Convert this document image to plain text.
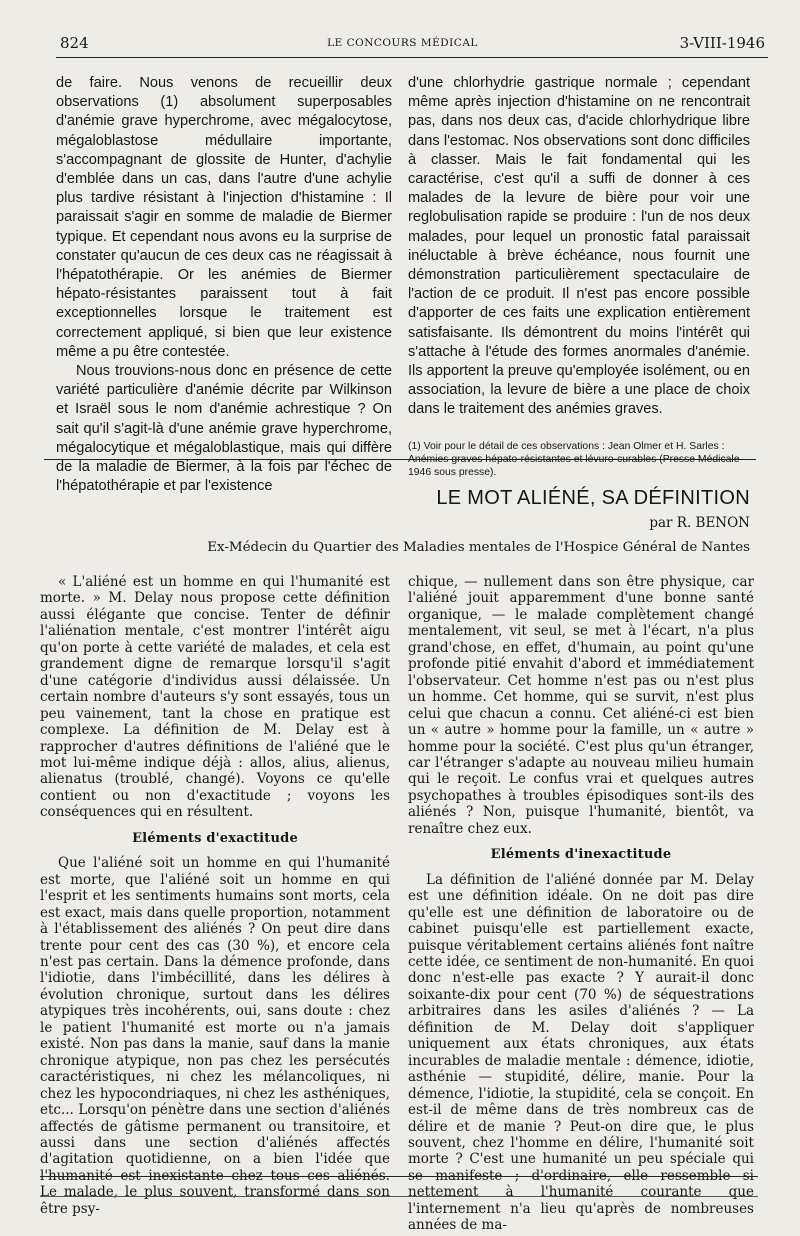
824	LE CONCOURS MÉDICAL	3-VIII-1946

de faire. Nous venons de recueillir deux observations (1) absolument superposables d'anémie grave hyperchrome, avec mégalocytose, mégaloblastose médullaire importante, s'accompagnant de glossite de Hunter, d'achylie d'emblée dans un cas, dans l'autre d'une achylie plus tardive résistant à l'injection d'histamine : Il paraissait s'agir en somme de maladie de Biermer typique. Et cependant nous avons eu la surprise de constater qu'aucun de ces deux cas ne réagissait à l'hépatothérapie. Or les anémies de Biermer hépato-résistantes paraissent tout à fait exceptionnelles lorsque le traitement est correctement appliqué, si bien que leur existence même a pu être contestée.

Nous trouvions-nous donc en présence de cette variété particulière d'anémie décrite par Wilkinson et Israël sous le nom d'anémie achrestique ? On sait qu'il s'agit-là d'une anémie grave hyperchrome, mégalocytique et mégaloblastique, mais qui diffère de la maladie de Biermer, à la fois par l'échec de l'hépatothérapie et par l'existence

d'une chlorhydrie gastrique normale ; cependant même après injection d'histamine on ne rencontrait pas, dans nos deux cas, d'acide chlorhydrique libre dans l'estomac. Nos observations sont donc difficiles à classer. Mais le fait fondamental qui les caractérise, c'est qu'il a suffi de donner à ces malades de la levure de bière pour voir une reglobulisation rapide se produire : l'un de nos deux malades, pour lequel un pronostic fatal paraissait inéluctable à brève échéance, nous fournit une démonstration particulièrement spectaculaire de l'action de ce produit. Il n'est pas encore possible d'apporter de ces faits une explication entièrement satisfaisante. Ils démontrent du moins l'intérêt qui s'attache à l'étude des formes anormales d'anémie. Ils apportent la preuve qu'employée isolément, ou en association, la levure de bière a une place de choix dans le traitement des anémies graves.

(1) Voir pour le détail de ces observations : Jean Olmer et H. Sarles : Anémies graves hépato-résistantes et lévuro-curables (Presse Médicale 1946 sous presse).

LE MOT ALIÉNÉ, SA DÉFINITION
par R. BENON
Ex-Médecin du Quartier des Maladies mentales de l'Hospice Général de Nantes

« L'aliéné est un homme en qui l'humanité est morte. » M. Delay nous propose cette définition aussi élégante que concise. Tenter de définir l'aliénation mentale, c'est montrer l'intérêt aigu qu'on porte à cette variété de malades, et cela est grandement digne de remarque lorsqu'il s'agit d'une catégorie d'individus aussi délaissée. Un certain nombre d'auteurs s'y sont essayés, tous un peu vainement, tant la chose en pratique est complexe. La définition de M. Delay est à rapprocher d'autres définitions de l'aliéné que le mot lui-même indique déjà : allos, alius, alienus, alienatus (troublé, changé). Voyons ce qu'elle contient ou non d'exactitude ; voyons les conséquences qui en résultent.

Eléments d'exactitude

Que l'aliéné soit un homme en qui l'humanité est morte, que l'aliéné soit un homme en qui l'esprit et les sentiments humains sont morts, cela est exact, mais dans quelle proportion, notamment à l'établissement des aliénés ? On peut dire dans trente pour cent des cas (30 %), et encore cela n'est pas certain. Dans la démence profonde, dans l'idiotie, dans l'imbécillité, dans les délires à évolution chronique, surtout dans les délires atypiques très incohérents, oui, sans doute : chez le patient l'humanité est morte ou n'a jamais existé. Non pas dans la manie, sauf dans la manie chronique atypique, non pas chez les persécutés caractéristiques, ni chez les mélancoliques, ni chez les hypocondriaques, ni chez les asthéniques, etc... Lorsqu'on pénètre dans une section d'aliénés affectés de gâtisme permanent ou transitoire, et aussi dans une section d'aliénés affectés d'agitation quotidienne, on a bien l'idée que l'humanité est inexistante chez tous ces aliénés. Le malade, le plus souvent, transformé dans son être psy-

chique, — nullement dans son être physique, car l'aliéné jouit apparemment d'une bonne santé organique, — le malade complètement changé mentalement, vit seul, se met à l'écart, n'a plus grand'chose, en effet, d'humain, au point qu'une profonde pitié envahit d'abord et immédiatement l'observateur. Cet homme n'est pas ou n'est plus un homme. Cet homme, qui se survit, n'est plus celui que chacun a connu. Cet aliéné-ci est bien un « autre » homme pour la famille, un « autre » homme pour la société. C'est plus qu'un étranger, car l'étranger s'adapte au nouveau milieu humain qui le reçoit. Le confus vrai et quelques autres psychopathes à troubles épisodiques sont-ils des aliénés ? Non, puisque l'humanité, bientôt, va renaître chez eux.

Eléments d'inexactitude

La définition de l'aliéné donnée par M. Delay est une définition idéale. On ne doit pas dire qu'elle est une définition de laboratoire ou de cabinet puisqu'elle est partiellement exacte, puisque véritablement certains aliénés font naître cette idée, ce sentiment de non-humanité. En quoi donc n'est-elle pas exacte ? Y aurait-il donc soixante-dix pour cent (70 %) de séquestrations arbitraires dans les asiles d'aliénés ? — La définition de M. Delay doit s'appliquer uniquement aux états chroniques, aux états incurables de maladie mentale : démence, idiotie, asthénie — stupidité, délire, manie. Pour la démence, l'idiotie, la stupidité, cela se conçoit. En est-il de même dans de très nombreux cas de délire et de manie ? Peut-on dire que, le plus souvent, chez l'homme en délire, l'humanité soit morte ? C'est une humanité un peu spéciale qui se manifeste ; d'ordinaire, elle ressemble si nettement à l'humanité courante que l'internement n'a lieu qu'après de nombreuses années de ma-
